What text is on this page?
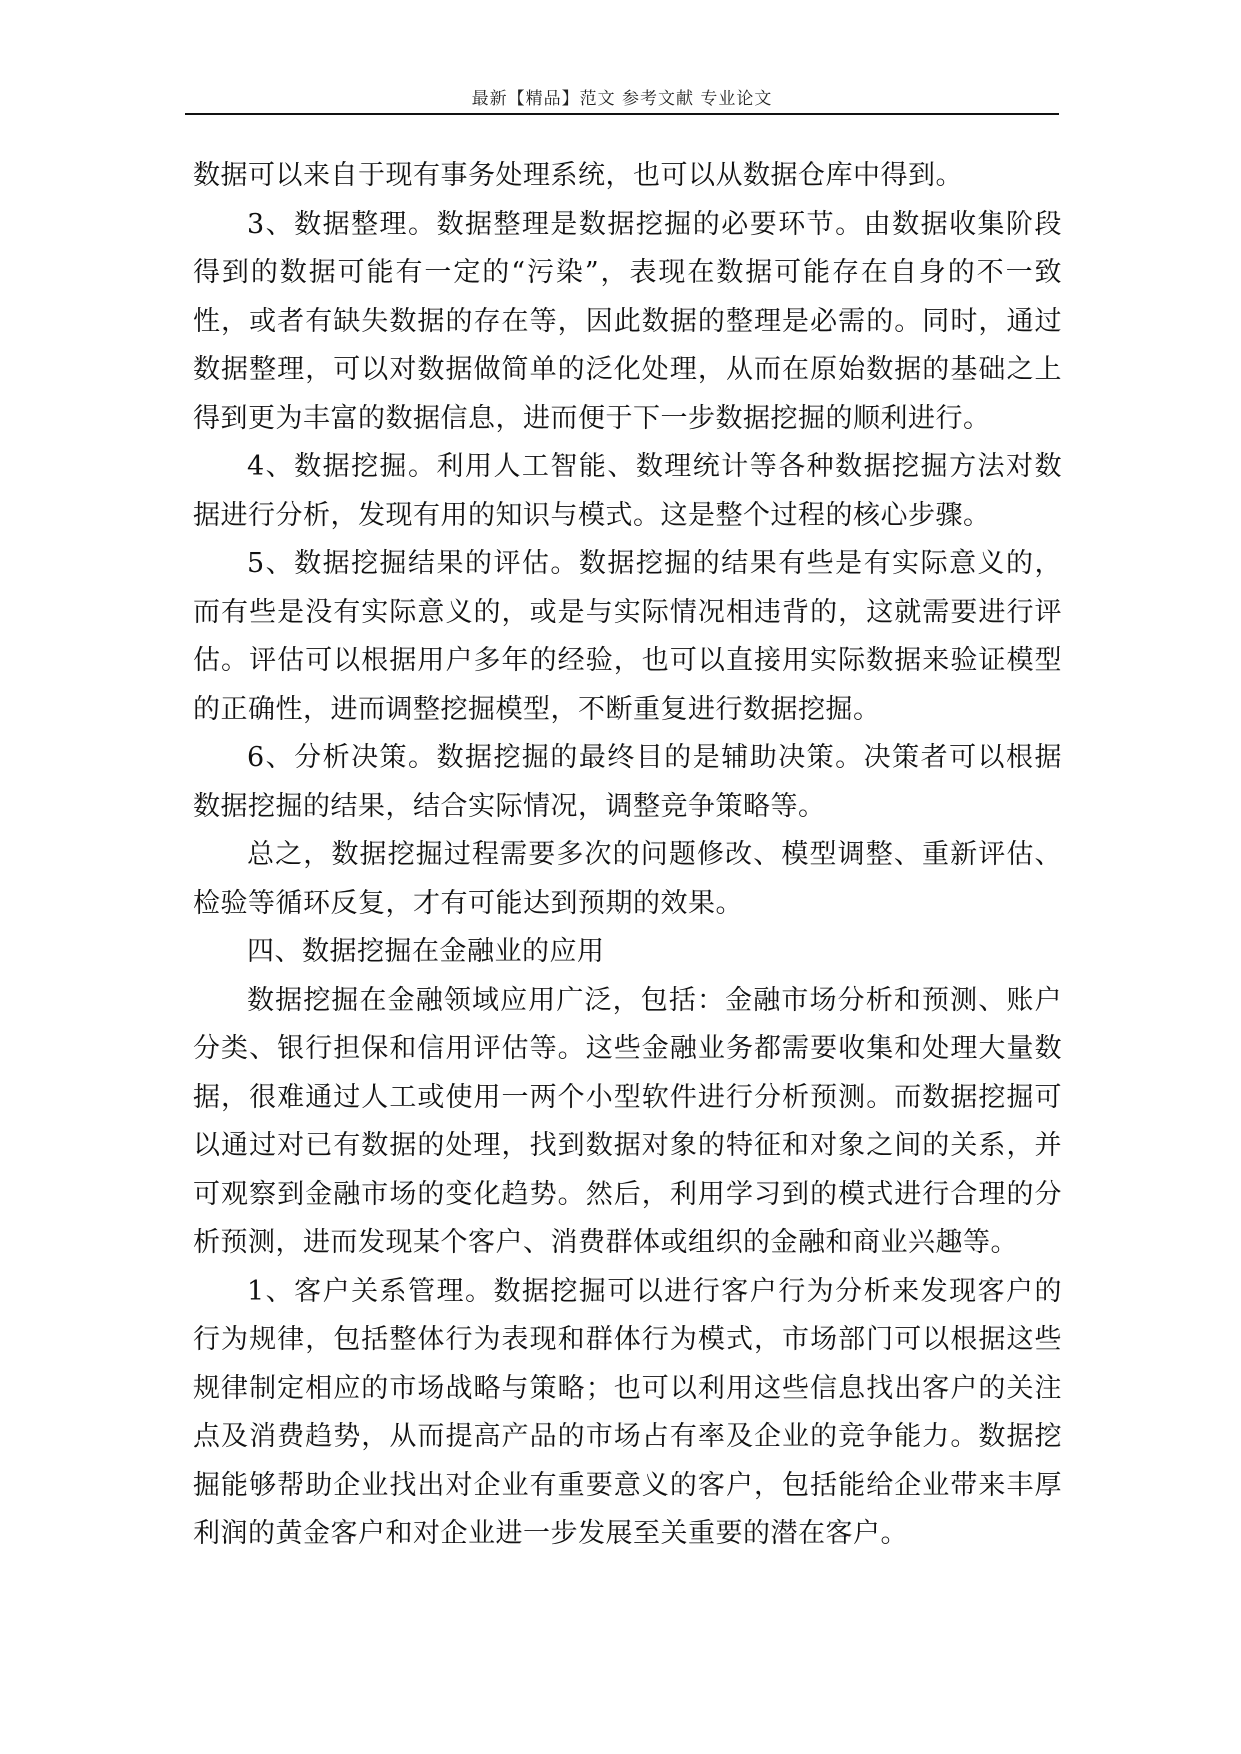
最新【精品】范文 参考文献 专业论文

数据可以来自于现有事务处理系统，也可以从数据仓库中得到。

3、数据整理。数据整理是数据挖掘的必要环节。由数据收集阶段得到的数据可能有一定的“污染”，表现在数据可能存在自身的不一致性，或者有缺失数据的存在等，因此数据的整理是必需的。同时，通过数据整理，可以对数据做简单的泛化处理，从而在原始数据的基础之上得到更为丰富的数据信息，进而便于下一步数据挖掘的顺利进行。

4、数据挖掘。利用人工智能、数理统计等各种数据挖掘方法对数据进行分析，发现有用的知识与模式。这是整个过程的核心步骤。

5、数据挖掘结果的评估。数据挖掘的结果有些是有实际意义的，而有些是没有实际意义的，或是与实际情况相违背的，这就需要进行评估。评估可以根据用户多年的经验，也可以直接用实际数据来验证模型的正确性，进而调整挖掘模型，不断重复进行数据挖掘。

6、分析决策。数据挖掘的最终目的是辅助决策。决策者可以根据数据挖掘的结果，结合实际情况，调整竞争策略等。

总之，数据挖掘过程需要多次的问题修改、模型调整、重新评估、检验等循环反复，才有可能达到预期的效果。

四、数据挖掘在金融业的应用

数据挖掘在金融领域应用广泛，包括：金融市场分析和预测、账户分类、银行担保和信用评估等。这些金融业务都需要收集和处理大量数据，很难通过人工或使用一两个小型软件进行分析预测。而数据挖掘可以通过对已有数据的处理，找到数据对象的特征和对象之间的关系，并可观察到金融市场的变化趋势。然后，利用学习到的模式进行合理的分析预测，进而发现某个客户、消费群体或组织的金融和商业兴趣等。

1、客户关系管理。数据挖掘可以进行客户行为分析来发现客户的行为规律，包括整体行为表现和群体行为模式，市场部门可以根据这些规律制定相应的市场战略与策略；也可以利用这些信息找出客户的关注点及消费趋势，从而提高产品的市场占有率及企业的竞争能力。数据挖掘能够帮助企业找出对企业有重要意义的客户，包括能给企业带来丰厚利润的黄金客户和对企业进一步发展至关重要的潜在客户。
